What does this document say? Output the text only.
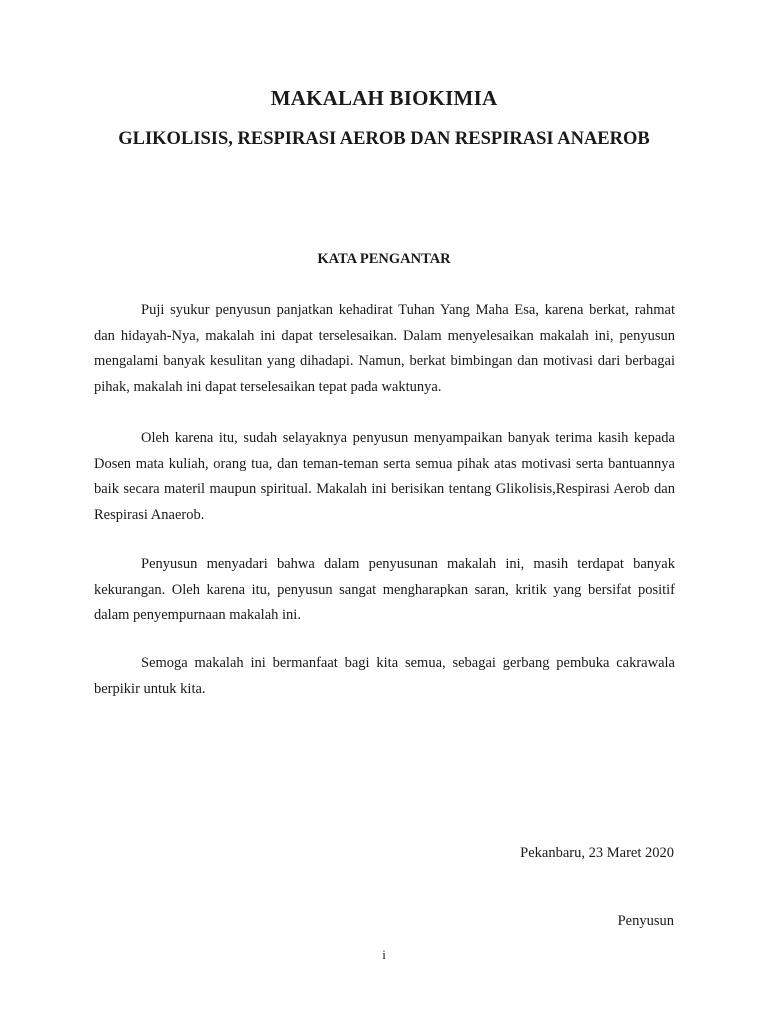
MAKALAH BIOKIMIA
GLIKOLISIS, RESPIRASI AEROB DAN RESPIRASI ANAEROB
KATA PENGANTAR

Puji syukur penyusun panjatkan kehadirat Tuhan Yang Maha Esa, karena berkat, rahmat dan hidayah-Nya, makalah ini dapat terselesaikan. Dalam menyelesaikan makalah ini, penyusun mengalami banyak kesulitan yang dihadapi. Namun, berkat bimbingan dan motivasi dari berbagai pihak, makalah ini dapat terselesaikan tepat pada waktunya.

Oleh karena itu, sudah selayaknya penyusun menyampaikan banyak terima kasih kepada Dosen mata kuliah, orang tua, dan teman-teman serta semua pihak atas motivasi serta bantuannya baik secara materil maupun spiritual. Makalah ini berisikan tentang Glikolisis,Respirasi Aerob dan Respirasi Anaerob.

Penyusun menyadari bahwa dalam penyusunan makalah ini, masih terdapat banyak kekurangan. Oleh karena itu, penyusun sangat mengharapkan saran, kritik yang bersifat positif dalam penyempurnaan makalah ini.

Semoga makalah ini bermanfaat bagi kita semua, sebagai gerbang pembuka cakrawala berpikir untuk kita.

Pekanbaru, 23 Maret 2020

Penyusun

i
